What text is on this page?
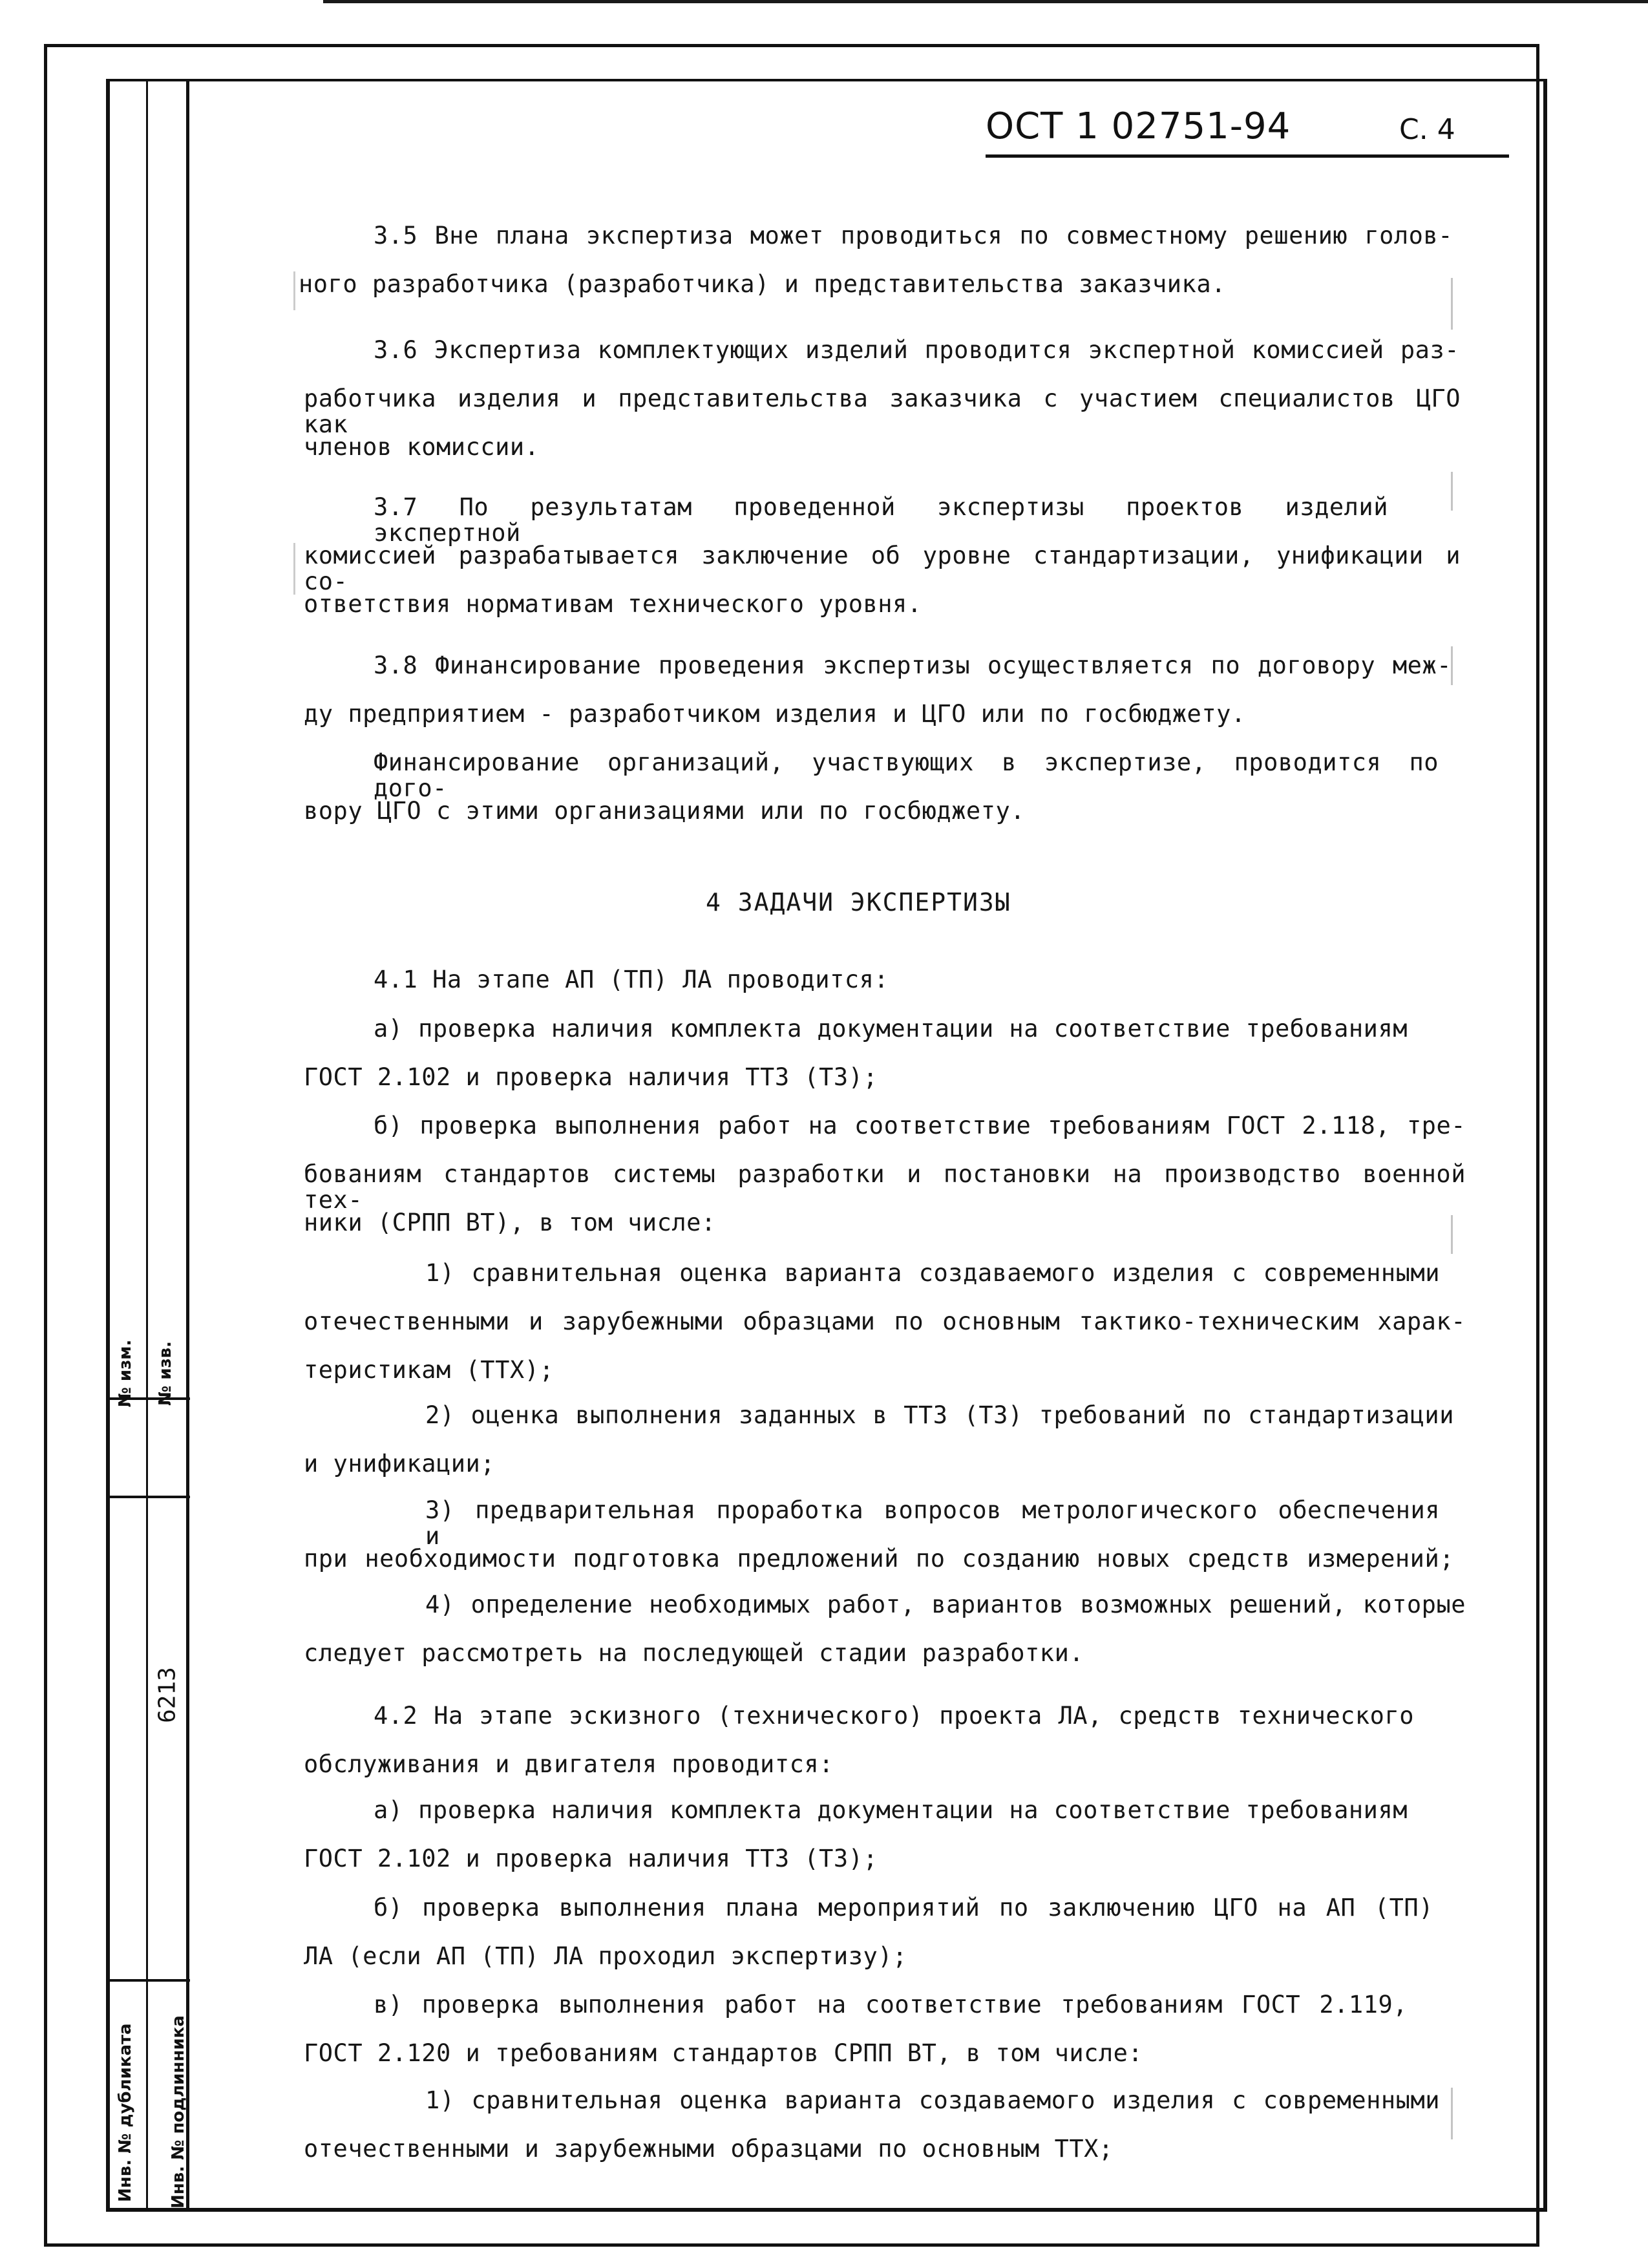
№ изм. № изв.
6213
Инв. № дубликата Инв. № подлинника
ОСТ 1 02751-94	С. 4
3.5 Вне плана экспертиза может проводиться по совместному решению голов-
ного разработчика (разработчика) и представительства заказчика.
3.6 Экспертиза комплектующих изделий проводится экспертной комиссией раз-
работчика изделия и представительства заказчика с участием специалистов ЦГО как
членов комиссии.
3.7 По результатам проведенной экспертизы проектов изделий экспертной
комиссией разрабатывается заключение об уровне стандартизации, унификации и со-
ответствия нормативам технического уровня.
3.8 Финансирование проведения экспертизы осуществляется по договору меж-
ду предприятием - разработчиком изделия и ЦГО или по госбюджету.
Финансирование организаций, участвующих в экспертизе, проводится по дого-
вору ЦГО с этими организациями или по госбюджету.
4 ЗАДАЧИ ЭКСПЕРТИЗЫ
4.1 На этапе АП (ТП) ЛА проводится:
а) проверка наличия комплекта документации на соответствие требованиям
ГОСТ 2.102 и проверка наличия ТТЗ (ТЗ);
б) проверка выполнения работ на соответствие требованиям ГОСТ 2.118, тре-
бованиям стандартов системы разработки и постановки на производство военной тех-
ники (СРПП ВТ), в том числе:
1) сравнительная оценка варианта создаваемого изделия с современными
отечественными и зарубежными образцами по основным тактико-техническим харак-
теристикам (ТТХ);
2) оценка выполнения заданных в ТТЗ (ТЗ) требований по стандартизации
и унификации;
3) предварительная проработка вопросов метрологического обеспечения и
при необходимости подготовка предложений по созданию новых средств измерений;
4) определение необходимых работ, вариантов возможных решений, которые
следует рассмотреть на последующей стадии разработки.
4.2 На этапе эскизного (технического) проекта ЛА, средств технического
обслуживания и двигателя проводится:
а) проверка наличия комплекта документации на соответствие требованиям
ГОСТ 2.102 и проверка наличия ТТЗ (ТЗ);
б) проверка выполнения плана мероприятий по заключению ЦГО на АП (ТП)
ЛА (если АП (ТП) ЛА проходил экспертизу);
в) проверка выполнения работ на соответствие требованиям ГОСТ 2.119,
ГОСТ 2.120 и требованиям стандартов СРПП ВТ, в том числе:
1) сравнительная оценка варианта создаваемого изделия с современными
отечественными и зарубежными образцами по основным ТТХ;
